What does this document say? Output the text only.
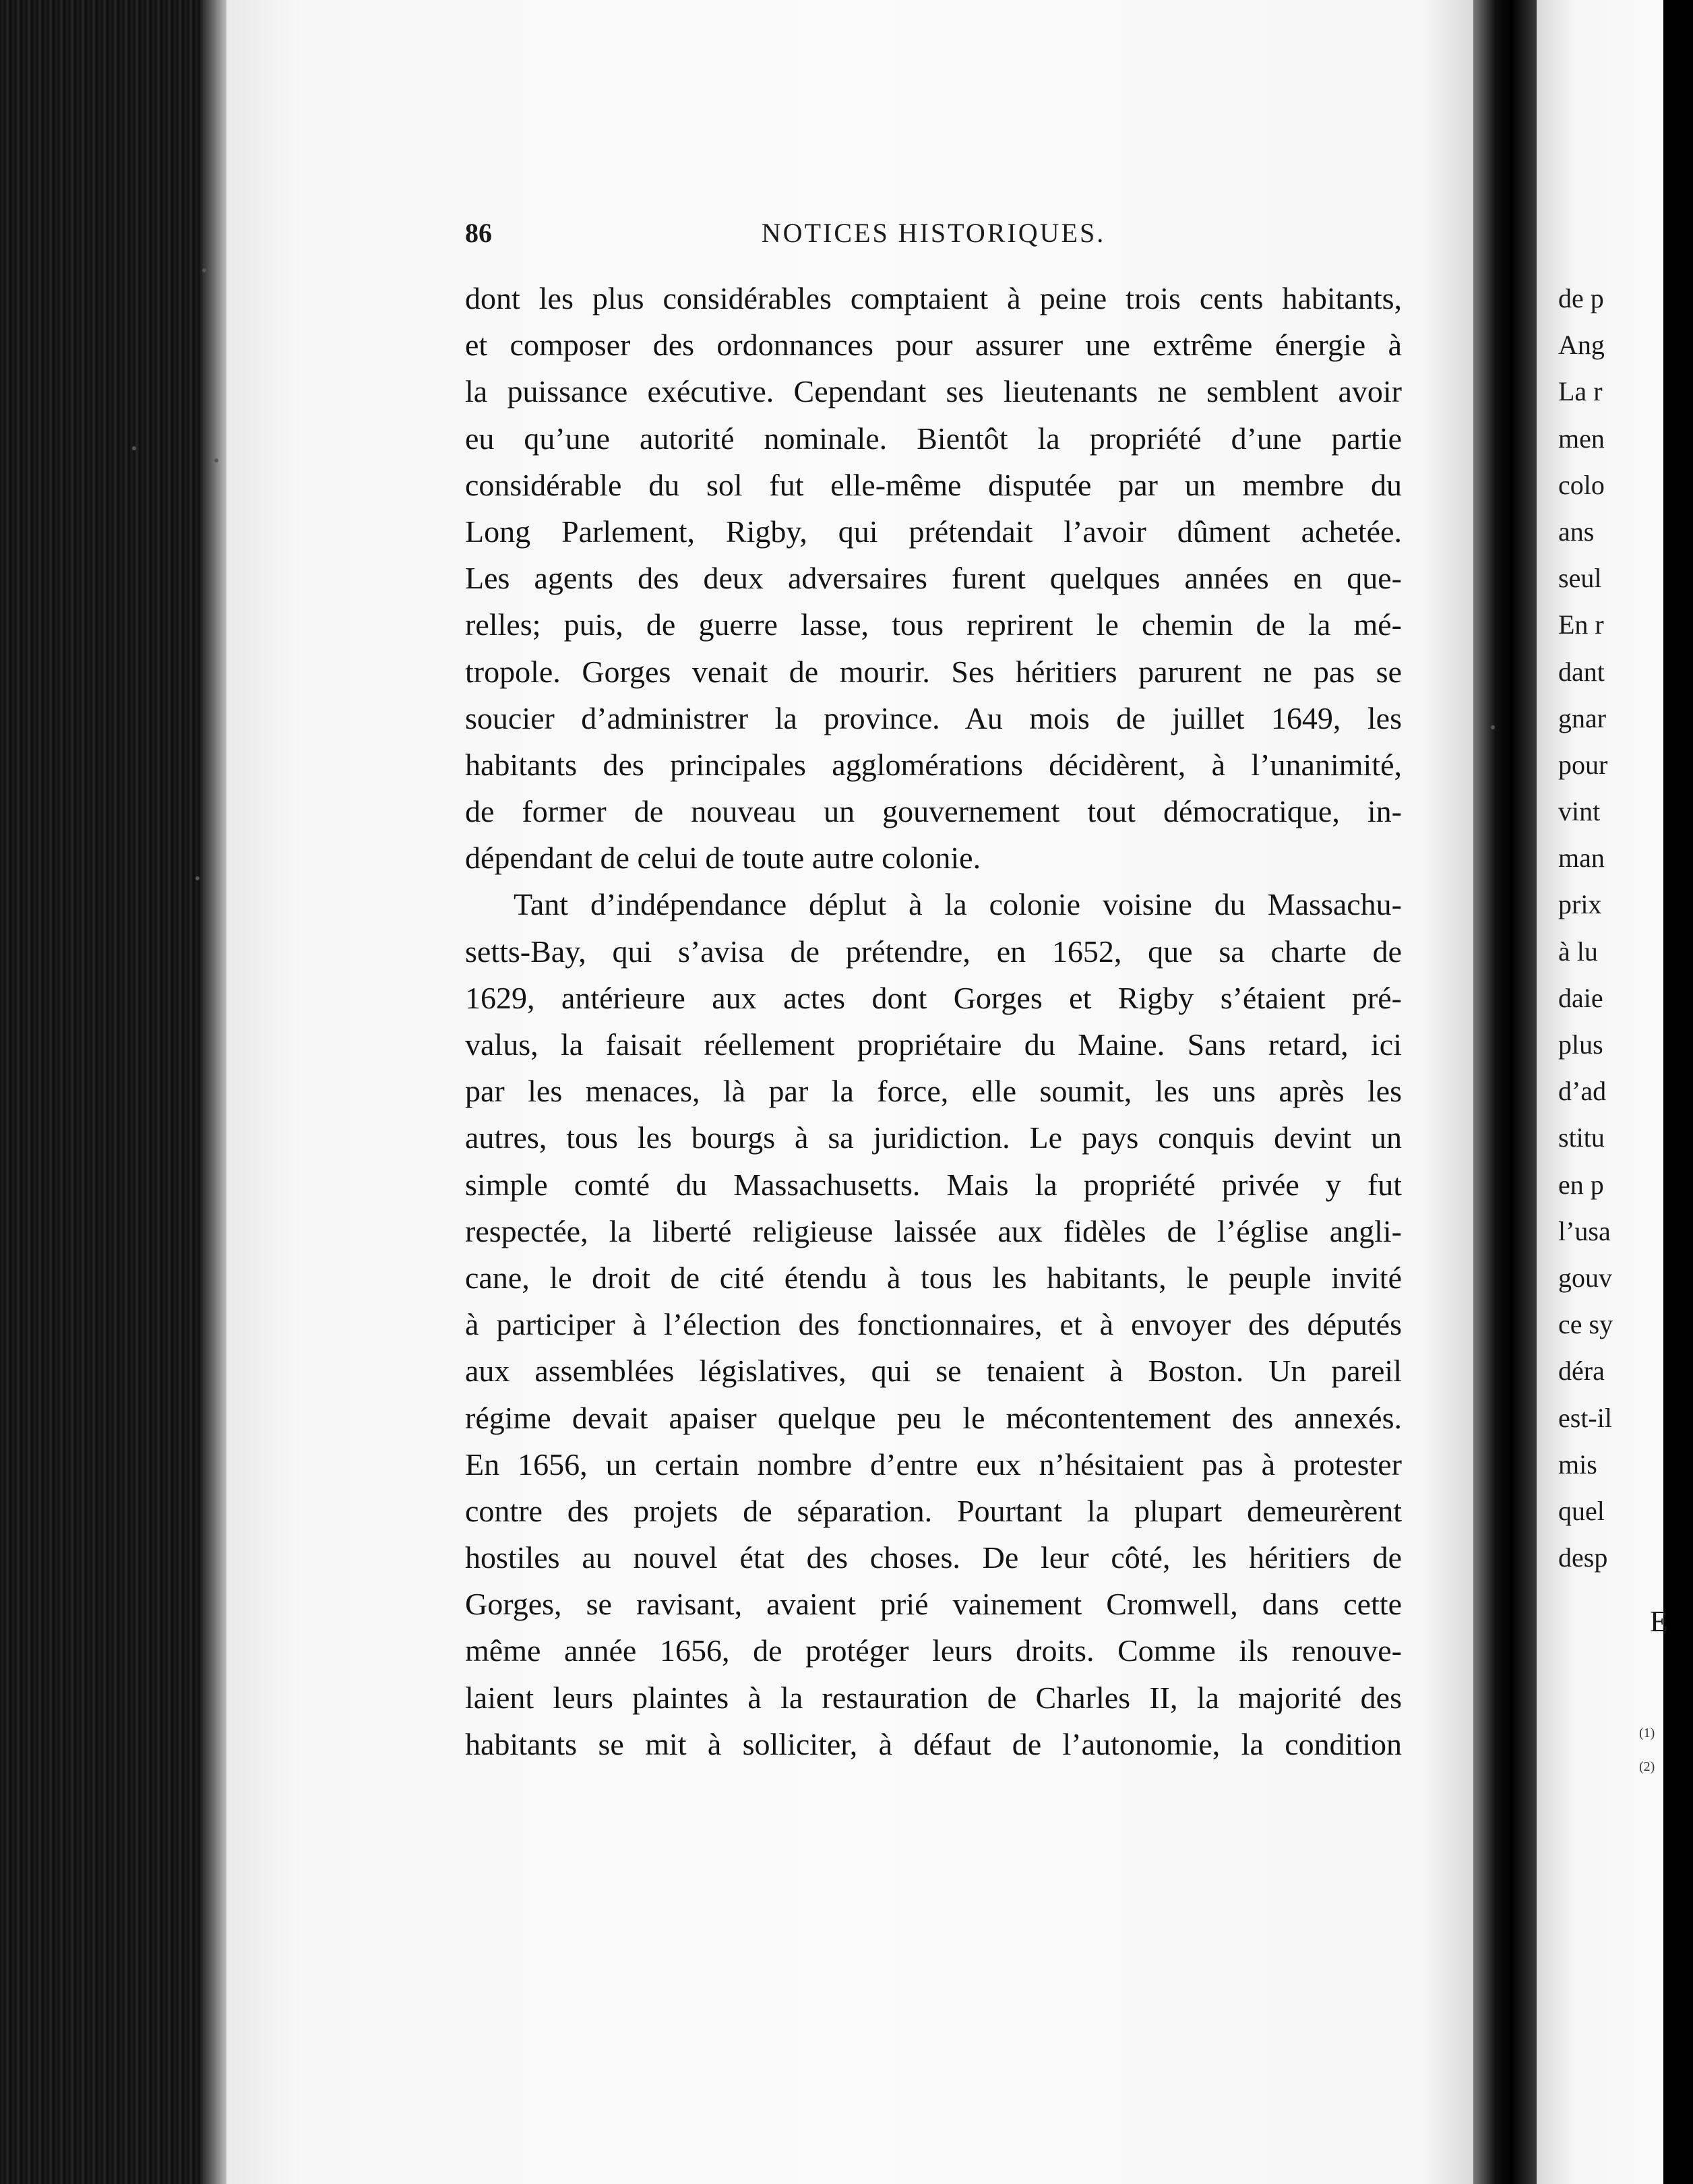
86	NOTICES HISTORIQUES.
dont les plus considérables comptaient à peine trois cents habitants,
et composer des ordonnances pour assurer une extrême énergie à
la puissance exécutive. Cependant ses lieutenants ne semblent avoir
eu qu’une autorité nominale. Bientôt la propriété d’une partie
considérable du sol fut elle-même disputée par un membre du
Long Parlement, Rigby, qui prétendait l’avoir dûment achetée.
Les agents des deux adversaires furent quelques années en que-
relles; puis, de guerre lasse, tous reprirent le chemin de la mé-
tropole. Gorges venait de mourir. Ses héritiers parurent ne pas se
soucier d’administrer la province. Au mois de juillet 1649, les
habitants des principales agglomérations décidèrent, à l’unanimité,
de former de nouveau un gouvernement tout démocratique, in-
dépendant de celui de toute autre colonie.
Tant d’indépendance déplut à la colonie voisine du Massachu-
setts-Bay, qui s’avisa de prétendre, en 1652, que sa charte de
1629, antérieure aux actes dont Gorges et Rigby s’étaient pré-
valus, la faisait réellement propriétaire du Maine. Sans retard, ici
par les menaces, là par la force, elle soumit, les uns après les
autres, tous les bourgs à sa juridiction. Le pays conquis devint un
simple comté du Massachusetts. Mais la propriété privée y fut
respectée, la liberté religieuse laissée aux fidèles de l’église angli-
cane, le droit de cité étendu à tous les habitants, le peuple invité
à participer à l’élection des fonctionnaires, et à envoyer des députés
aux assemblées législatives, qui se tenaient à Boston. Un pareil
régime devait apaiser quelque peu le mécontentement des annexés.
En 1656, un certain nombre d’entre eux n’hésitaient pas à protester
contre des projets de séparation. Pourtant la plupart demeurèrent
hostiles au nouvel état des choses. De leur côté, les héritiers de
Gorges, se ravisant, avaient prié vainement Cromwell, dans cette
même année 1656, de protéger leurs droits. Comme ils renouve-
laient leurs plaintes à la restauration de Charles II, la majorité des
habitants se mit à solliciter, à défaut de l’autonomie, la condition
de p
Ang
La r
men
colo
ans
seul
En r
dant
gnar
pour
vint
man
prix
à lu
daie
plus
d’ad
stitu
en p
l’usa
gouv
ce sy
déra
est-il
mis
quel
desp
E
(1)
(2)
